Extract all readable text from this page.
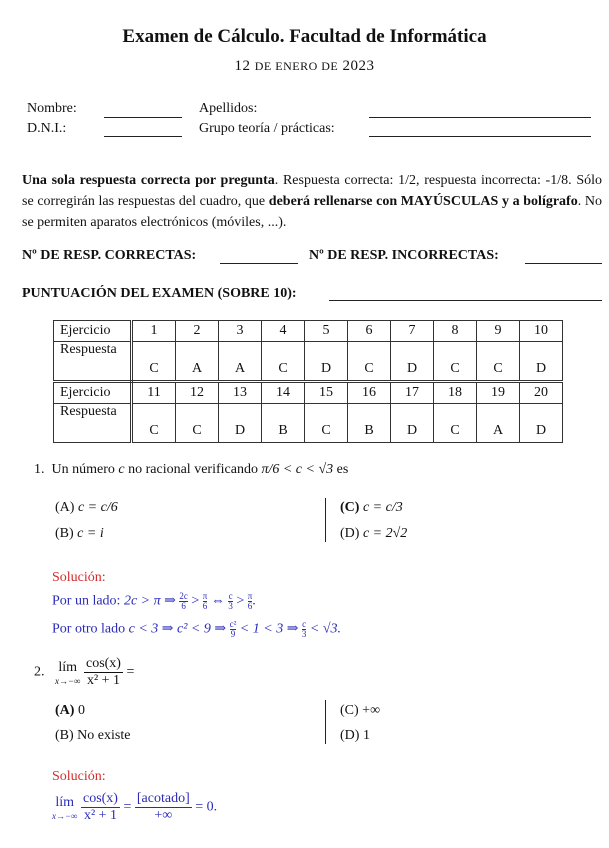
Examen de Cálculo. Facultad de Informática
12 DE ENERO DE 2023
Nombre:	Apellidos:
D.N.I.:	Grupo teoría / prácticas:
Una sola respuesta correcta por pregunta. Respuesta correcta: 1/2, respuesta incorrecta: -1/8. Sólo se corregirán las respuestas del cuadro, que deberá rellenarse con MAYÚSCULAS y a bolígrafo. No se permiten aparatos electrónicos (móviles, ...).
Nº DE RESP. CORRECTAS:	Nº DE RESP. INCORRECTAS:
PUNTUACIÓN DEL EXAMEN (SOBRE 10):
Ejercicio	1	2	3	4	5	6	7	8	9	10
Respuesta	C	A	A	C	D	C	D	C	C	D
Ejercicio	11	12	13	14	15	16	17	18	19	20
Respuesta	C	C	D	B	C	B	D	C	A	D
1. Un número c no racional verificando π/6 < c < √3 es
(A) c = c/6
(B) c = i
(C) c = c/3
(D) c = 2√2
Solución:
Por un lado: 2c > π ⇒ $\frac{2c}{6} > \frac{\pi}{6}$ ⇔ $\frac{c}{3} > \frac{\pi}{6}$ .
Por otro lado c < 3 ⇒ c² < 9 ⇒ $\frac{\text{c²}}{9} < 1 < 3$ ⇒ $\frac{c}{3} < √3$.
2. lím
x→−∞
$\frac{\cos(x)}{\text{x² + 1}}$ =
(A) 0
(B) No existe
(C) +∞
(D) 1
Solución:
lím
x→−∞
$\frac{\cos(x)}{\text{x² + 1}} = \frac{\text{[acotado]}}{+\infty} = 0$.
